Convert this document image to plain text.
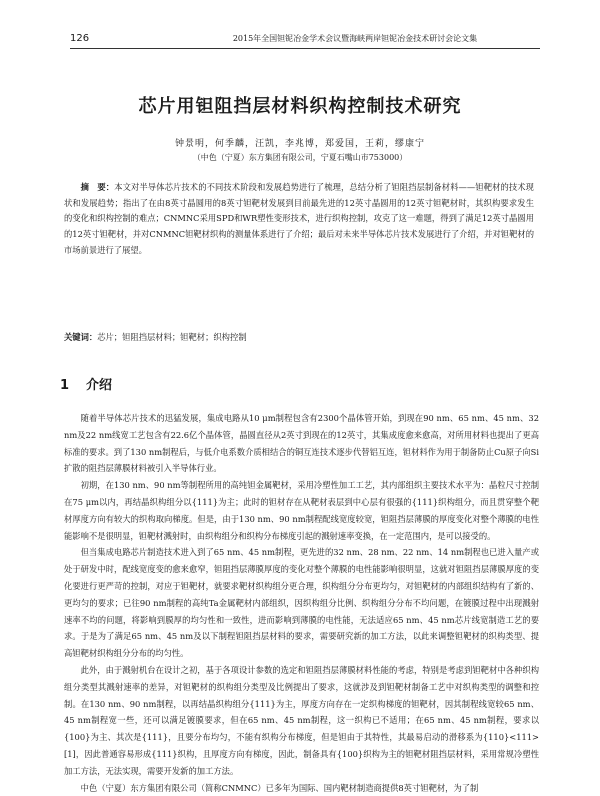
126	2015年全国钽铌冶金学术会议暨海峡两岸钽铌冶金技术研讨会论文集
芯片用钽阻挡层材料织构控制技术研究
钟景明，何季麟，汪凯，李兆博，郑爱国，王莉，缪康宁
（中色（宁夏）东方集团有限公司，宁夏石嘴山市753000）

摘　要：本文对半导体芯片技术的不同技术阶段和发展趋势进行了梳理，总结分析了钽阻挡层制备材料——钽靶材的技术现状和发展趋势；指出了在由8英寸晶圆用的8英寸钽靶材发展到目前最先进的12英寸晶圆用的12英寸钽靶材时，其织构要求发生的变化和织构控制的难点；CNMNC采用SPD和WR塑性变形技术，进行织构控制，攻克了这一难题，得到了满足12英寸晶圆用的12英寸钽靶材，并对CNMNC钽靶材织构的测量体系进行了介绍；最后对未来半导体芯片技术发展进行了介绍，并对钽靶材的市场前景进行了展望。

关键词：芯片；钽阻挡层材料；钽靶材；织构控制

1 介绍

随着半导体芯片技术的迅猛发展，集成电路从10 μm制程包含有2300个晶体管开始，到现在90 nm、65 nm、45 nm、32 nm及22 nm线宽工艺包含有22.6亿个晶体管，晶圆直径从2英寸到现在的12英寸，其集成度愈来愈高，对所用材料也提出了更高标准的要求。到了130 nm制程后，与低介电系数介质相结合的铜互连技术逐步代替铝互连，钽材料作为用于制备防止Cu原子向Si扩散的阻挡层薄膜材料被引入半导体行业。

初期，在130 nm、90 nm等制程所用的高纯钽金属靶材，采用冷塑性加工工艺，其内部组织主要技术水平为：晶粒尺寸控制在75 μm以内，再结晶织构组分以{111}为主；此时的钽材存在从靶材表层到中心层有很强的{111}织构组分，而且贯穿整个靶材厚度方向有较大的织构取向梯度。但是，由于130 nm、90 nm制程配线宽度较宽，钽阻挡层薄膜的厚度变化对整个薄膜的电性能影响不是很明显，钽靶材溅射时，由织构组分和织构分布梯度引起的溅射速率变换，在一定范围内，是可以接受的。

但当集成电路芯片制造技术进入到了65 nm、45 nm制程，更先进的32 nm、28 nm、22 nm、14 nm制程也已进入量产或处于研发中时，配线宽度变的愈来愈窄，钽阻挡层薄膜厚度的变化对整个薄膜的电性能影响很明显，这就对钽阻挡层薄膜厚度的变化要进行更严苛的控制，对应于钽靶材，就要求靶材织构组分更合理，织构组分分布更均匀，对钽靶材的内部组织结构有了新的、更均匀的要求；已往90 nm制程的高纯Ta金属靶材内部组织，因织构组分比例、织构组分分布不均问题，在镀膜过程中出现溅射速率不均的问题，将影响到膜厚的均匀性和一致性，进而影响到薄膜的电性能，无法适应65 nm、45 nm芯片线宽制造工艺的要求。于是为了满足65 nm、45 nm及以下制程钽阻挡层材料的要求，需要研究新的加工方法，以此来调整钽靶材的织构类型、提高钽靶材织构组分分布的均匀性。

此外，由于溅射机台在设计之初，基于各项设计参数的选定和钽阻挡层薄膜材料性能的考虑，特别是考虑到钽靶材中各种织构组分类型其溅射速率的差异，对钽靶材的织构组分类型及比例提出了要求，这就涉及到钽靶材制备工艺中对织构类型的调整和控制。在130 nm、90 nm制程，以再结晶织构组分{111}为主，厚度方向存在一定织构梯度的钽靶材，因其制程线宽较65 nm、45 nm制程宽一些，还可以满足镀膜要求，但在65 nm、45 nm制程，这一织构已不适用；在65 nm、45 nm制程，要求以{100}为主、其次是{111}，且要分布均匀，不能有织构分布梯度，但是钽由于其特性，其最易启动的滑移系为{110}<111>[1]，因此普通容易形成{111}织构，且厚度方向有梯度，因此，制备具有{100}织构为主的钽靶材阻挡层材料，采用常规冷塑性加工方法，无法实现，需要开发新的加工方法。

中色（宁夏）东方集团有限公司（简称CNMNC）已多年为国际、国内靶材制造商提供8英寸钽靶材，为了制
